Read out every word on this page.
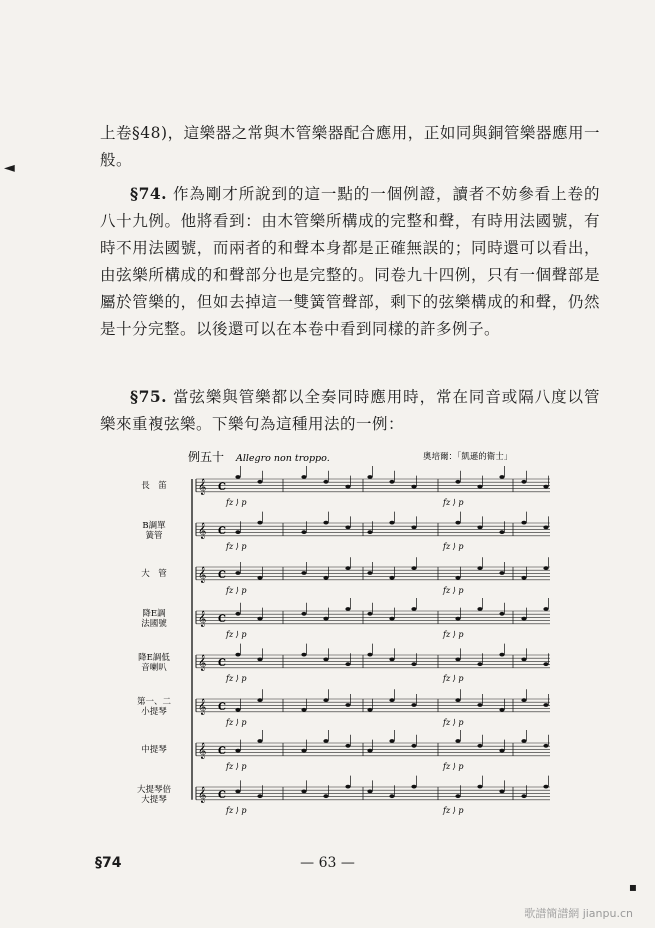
◄
上卷§48)，這樂器之常與木管樂器配合應用，正如同與銅管樂器應用一般。
§74. 作為剛才所說到的這一點的一個例證，讀者不妨參看上卷的八十九例。他將看到：由木管樂所構成的完整和聲，有時用法國號，有時不用法國號，而兩者的和聲本身都是正確無誤的；同時還可以看出，由弦樂所構成的和聲部分也是完整的。同卷九十四例，只有一個聲部是屬於管樂的，但如去掉這一雙簧管聲部，剩下的弦樂構成的和聲，仍然是十分完整。以後還可以在本卷中看到同樣的許多例子。
§75. 當弦樂與管樂都以全奏同時應用時，常在同音或隔八度以管樂來重複弦樂。下樂句為這種用法的一例：
例五十 Allegro non troppo.	奧培爾：「凱遜的衛士」
長　笛 𝄞 C
fz ⟩ p	fz ⟩ p
B調單簧管	𝄞 C
fz ⟩ p	fz ⟩ p
大　管 𝄞 C
fz ⟩ p	fz ⟩ p
降E調法國號 𝄞 C
fz ⟩ p	fz ⟩ p
降E調低音喇叭 𝄞 C
fz ⟩ p	fz ⟩ p
第一、二小提琴	𝄞 C
fz ⟩ p	fz ⟩ p
中提琴 𝄞 C
fz ⟩ p	fz ⟩ p
大提琴倍大提琴	𝄞 C
fz ⟩ p	fz ⟩ p
§74	— 63 —
▪
歌譜簡譜網 jianpu.cn
